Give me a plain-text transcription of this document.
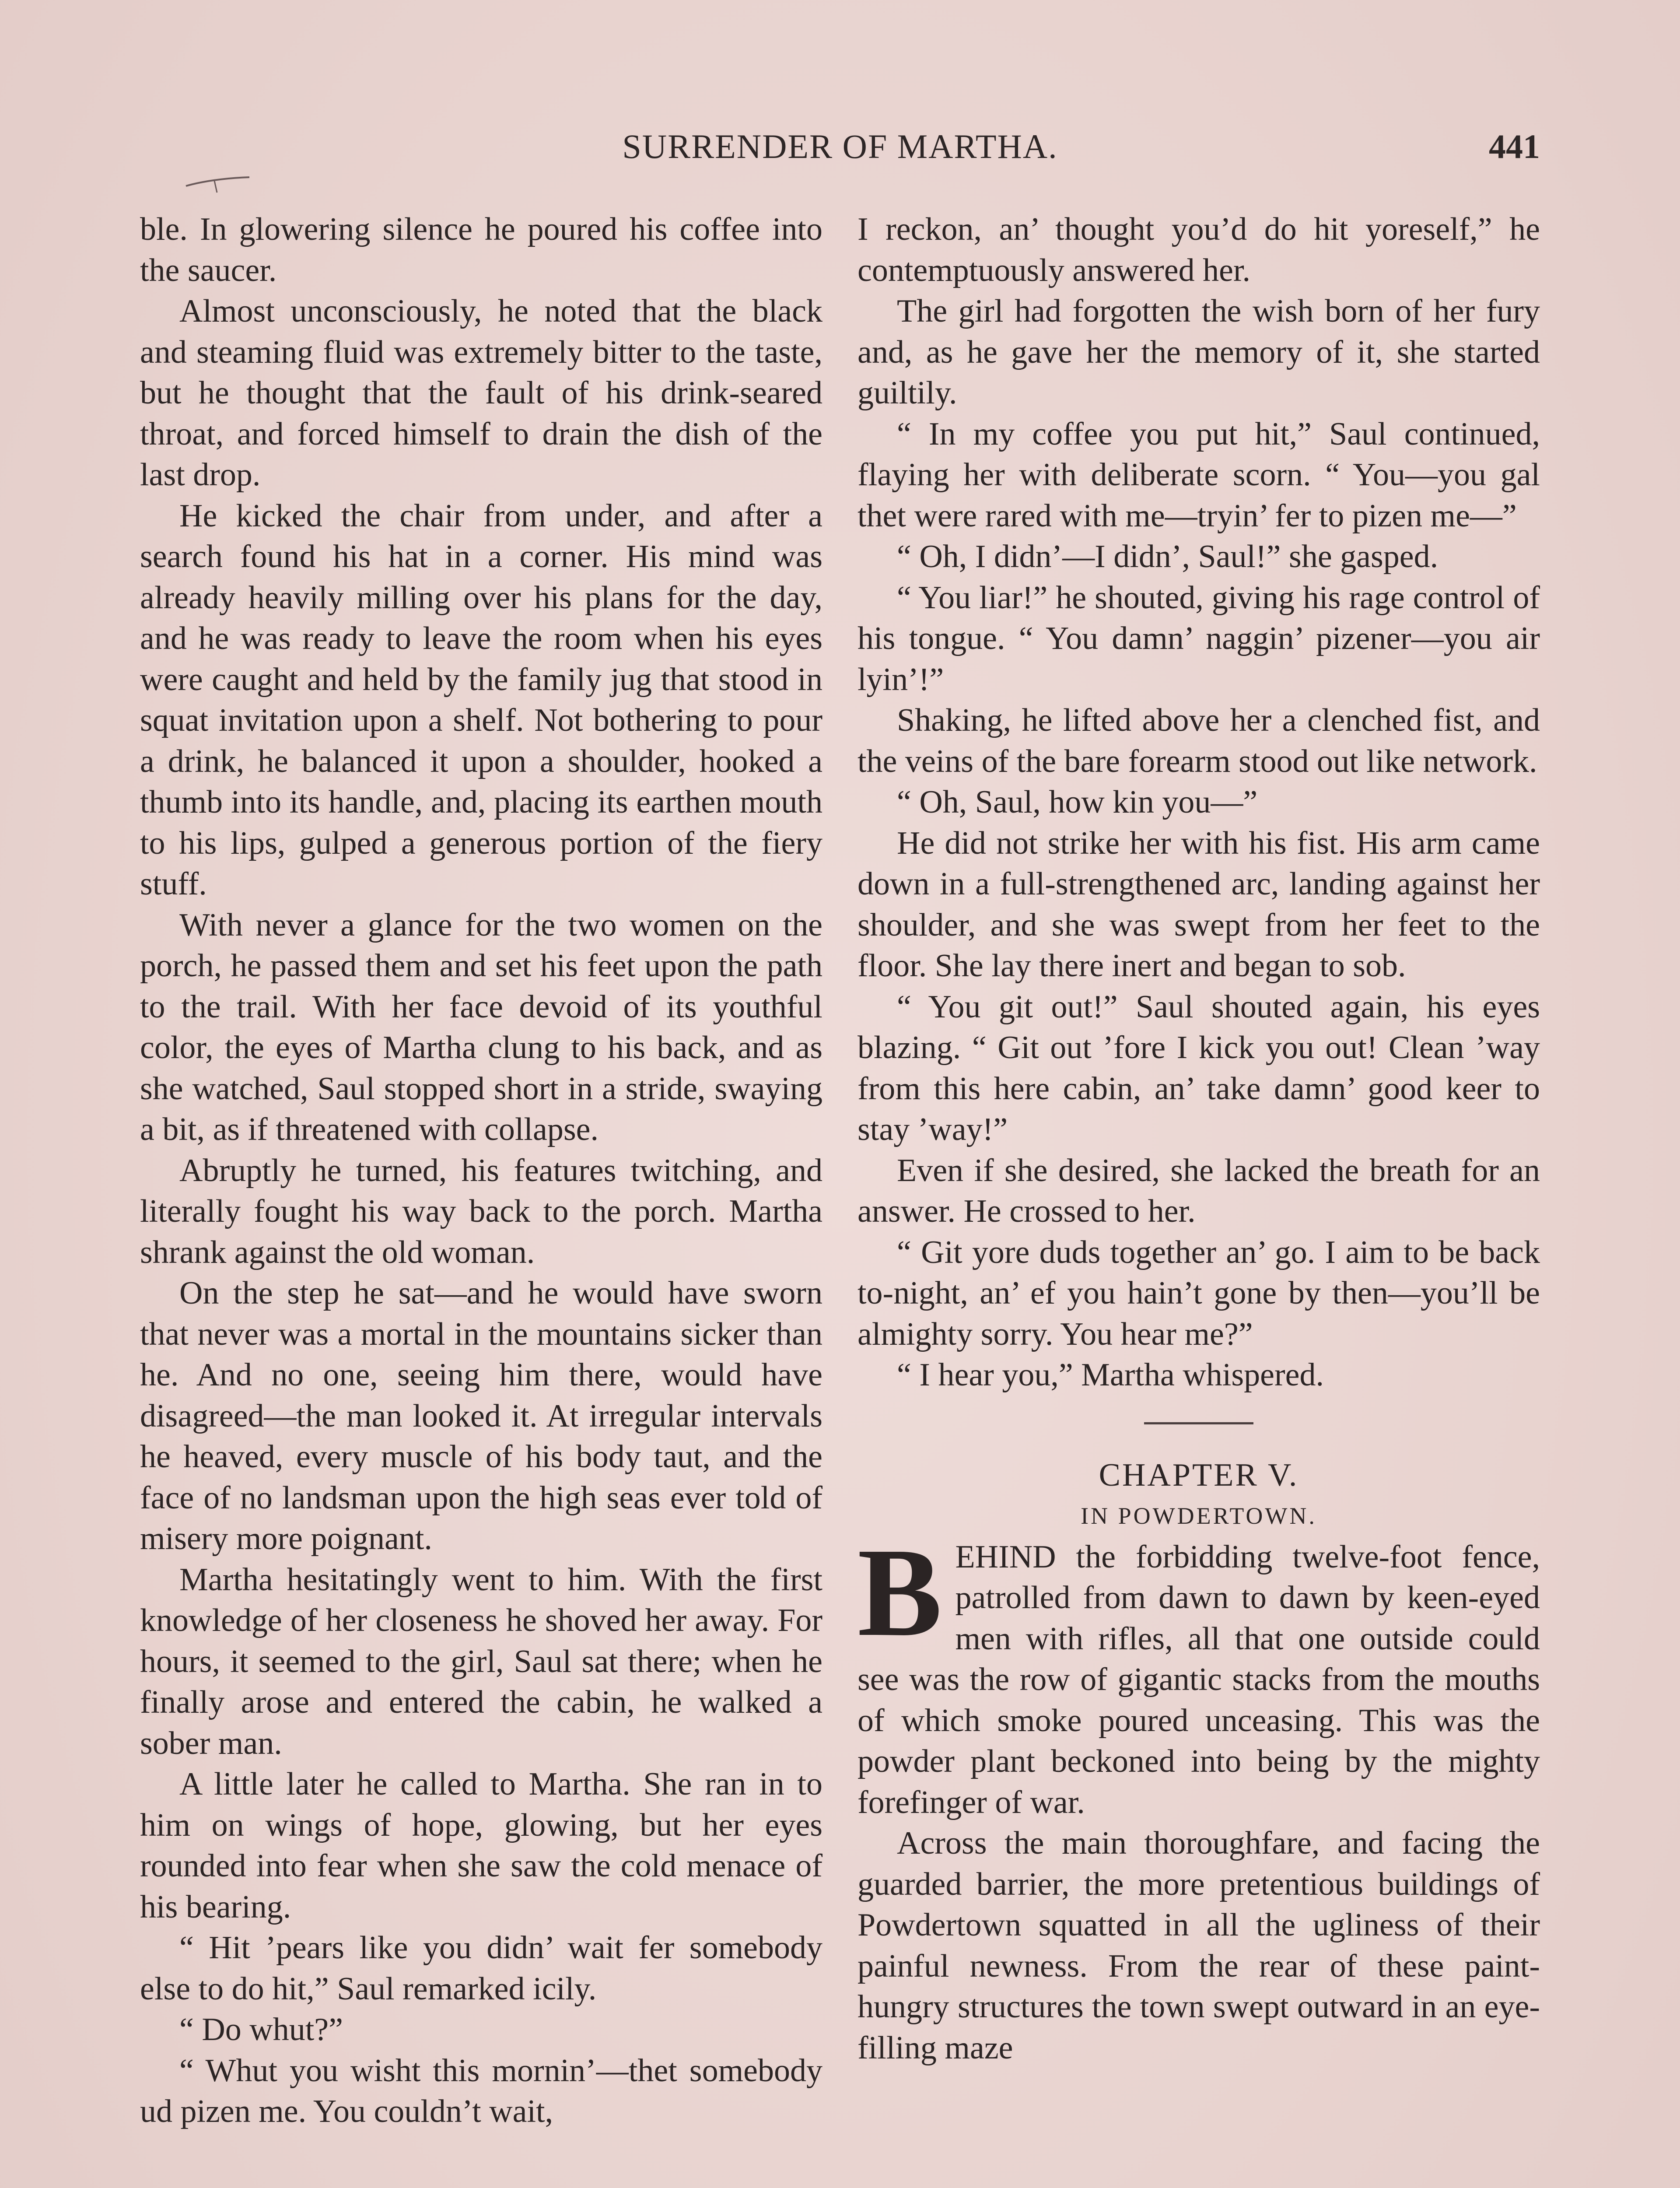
SURRENDER OF MARTHA.	441

ble. In glowering silence he poured his coffee into the saucer.

Almost unconsciously, he noted that the black and steaming fluid was extremely bitter to the taste, but he thought that the fault of his drink-seared throat, and forced himself to drain the dish of the last drop.

He kicked the chair from under, and after a search found his hat in a corner. His mind was already heavily milling over his plans for the day, and he was ready to leave the room when his eyes were caught and held by the family jug that stood in squat invitation upon a shelf. Not bothering to pour a drink, he balanced it upon a shoulder, hooked a thumb into its handle, and, placing its earthen mouth to his lips, gulped a generous portion of the fiery stuff.

With never a glance for the two women on the porch, he passed them and set his feet upon the path to the trail. With her face devoid of its youthful color, the eyes of Martha clung to his back, and as she watched, Saul stopped short in a stride, swaying a bit, as if threatened with collapse.

Abruptly he turned, his features twitching, and literally fought his way back to the porch. Martha shrank against the old woman.

On the step he sat—and he would have sworn that never was a mortal in the mountains sicker than he. And no one, seeing him there, would have disagreed—the man looked it. At irregular intervals he heaved, every muscle of his body taut, and the face of no landsman upon the high seas ever told of misery more poignant.

Martha hesitatingly went to him. With the first knowledge of her closeness he shoved her away. For hours, it seemed to the girl, Saul sat there; when he finally arose and entered the cabin, he walked a sober man.

A little later he called to Martha. She ran in to him on wings of hope, glowing, but her eyes rounded into fear when she saw the cold menace of his bearing.

“ Hit ’pears like you didn’ wait fer somebody else to do hit,” Saul remarked icily.

“ Do whut?”

“ Whut you wisht this mornin’—thet somebody ud pizen me. You couldn’t wait,

I reckon, an’ thought you’d do hit yoreself,” he contemptuously answered her.

The girl had forgotten the wish born of her fury and, as he gave her the memory of it, she started guiltily.

“ In my coffee you put hit,” Saul continued, flaying her with deliberate scorn. “ You—you gal thet were rared with me—tryin’ fer to pizen me—”

“ Oh, I didn’—I didn’, Saul!” she gasped.

“ You liar!” he shouted, giving his rage control of his tongue. “ You damn’ naggin’ pizener—you air lyin’!”

Shaking, he lifted above her a clenched fist, and the veins of the bare forearm stood out like network.

“ Oh, Saul, how kin you—”

He did not strike her with his fist. His arm came down in a full-strengthened arc, landing against her shoulder, and she was swept from her feet to the floor. She lay there inert and began to sob.

“ You git out!” Saul shouted again, his eyes blazing. “ Git out ’fore I kick you out! Clean ’way from this here cabin, an’ take damn’ good keer to stay ’way!”

Even if she desired, she lacked the breath for an answer. He crossed to her.

“ Git yore duds together an’ go. I aim to be back to-night, an’ ef you hain’t gone by then—you’ll be almighty sorry. You hear me?”

“ I hear you,” Martha whispered.

CHAPTER V.

IN POWDERTOWN.

BEHIND the forbidding twelve-foot fence, patrolled from dawn to dawn by keen-eyed men with rifles, all that one outside could see was the row of gigantic stacks from the mouths of which smoke poured unceasing. This was the powder plant beckoned into being by the mighty forefinger of war.

Across the main thoroughfare, and facing the guarded barrier, the more pretentious buildings of Powdertown squatted in all the ugliness of their painful newness. From the rear of these paint-hungry structures the town swept outward in an eye-filling maze
